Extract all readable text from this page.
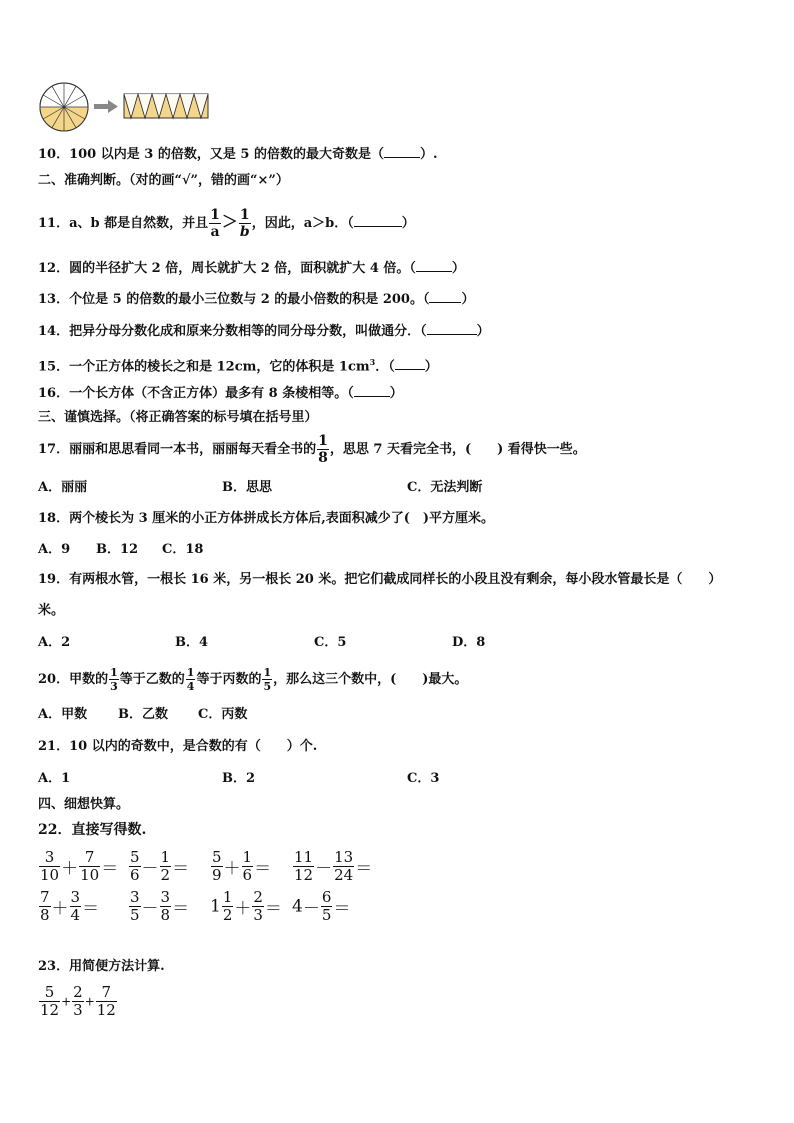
10．100 以内是 3 的倍数，又是 5 的倍数的最大奇数是（	）.
二、准确判断。（对的画“√”，错的画“×”）
11．a、b 都是自然数，并且 $\frac{1}{a} > \frac{1}{b}$ ，因此，a＞b．（	）
12．圆的半径扩大 2 倍，周长就扩大 2 倍，面积就扩大 4 倍。（	）
13．个位是 5 的倍数的最小三位数与 2 的最小倍数的积是 200。（ ）
14．把异分母分数化成和原来分数相等的同分母分数，叫做通分．（	）
15．一个正方体的棱长之和是 12cm，它的体积是 $1cm^3$．（ ）
16．一个长方体（不含正方体）最多有 8 条棱相等。（	）
三、谨慎选择。（将正确答案的标号填在括号里）
17．丽丽和思思看同一本书，丽丽每天看全书的 $\frac{1}{8}$ ，思思 7 天看完全书，(　　) 看得快一些。
A．丽丽	B．思思	C．无法判断
18．两个棱长为 3 厘米的小正方体拼成长方体后,表面积减少了(　)平方厘米。
A．9 B．12 C．18
19．有两根水管，一根长 16 米，另一根长 20 米。把它们截成同样长的小段且没有剩余，每小段水管最长是（　　）
米。
A．2	B．4	C．5	D．8
20．甲数的 $\frac{1}{3}$ 等于乙数的 $\frac{1}{4}$ 等于丙数的 $\frac{1}{5}$ ，那么这三个数中，(　　)最大。
A．甲数 B．乙数 C．丙数
21．10 以内的奇数中，是合数的有（　　）个.
A．1	B．2	C．3
四、细想快算。
22．直接写得数.
$\frac{3}{10} + \frac{7}{10} = \frac{5}{6} - \frac{1}{2} = \frac{5}{9} + \frac{1}{6} = \frac{11}{12} - \frac{13}{24}$ ＝
$\frac{7}{8} + \frac{3}{4} = \frac{3}{5} - \frac{3}{8} = 1 \frac{1}{2} + \frac{2}{3} = 4- \frac{6}{5}$ ＝
23．用简便方法计算.
$\frac{5}{12} + \frac{2}{3} + \frac{7}{12}$
